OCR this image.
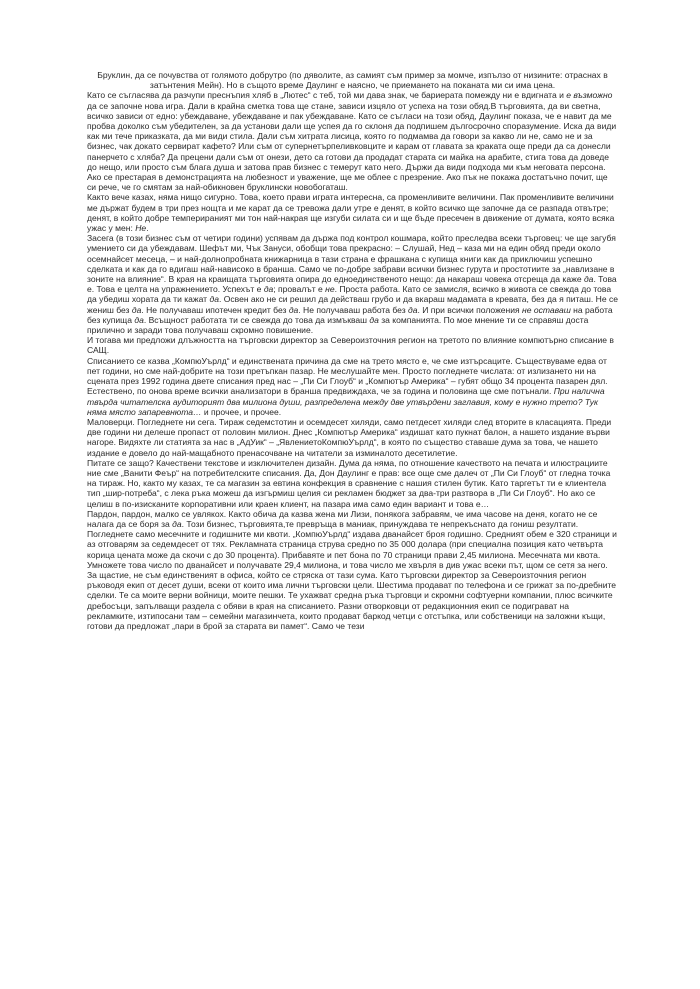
Бруклин, да се почувства от голямото добрутро (по дяволите, аз самият съм пример за момче, изпълзо от низините: отраснах в затънтения Мейн). Но в същото време Даулинг е наясно, че приемането на поканата ми си има цена.

Като се съгласява да разчупи преснъпия хляб в „Лютес“ с теб, той ми дава знак, че бариерата помежду ни е вдигната и е възможно да се започне нова игра. Дали в крайна сметка това ще стане, зависи изцяло от успеха на този обяд.В търговията, да ви светна, всичко зависи от едно: убеждаване, убеждаване и пак убеждаване. Като се съгласи на този обяд, Даулинг показа, че е навит да ме пробва доколко съм убедителен, за да установи дали ще успея да го склоня да подпишем дългосрочно споразумение. Иска да види как ми тече приказката, да ми види стила. Дали съм хитрата лисица, която го подмамва да говори за какво ли не, само не и за бизнес, чак докато сервират кафето? Или съм от супернетърпеливковците и карам от главата за краката още преди да са донесли панерчето с хляба? Да прецени дали съм от онези, дето са готови да продадат старата си майка на арабите, стига това да доведе до нещо, или просто съм блага душа и затова прав бизнес с темерут като него. Държи да види подхода ми към неговата персона. Ако се престарая в демонстрацията на любезност и уважение, ще ме облее с презрение. Ако пък не покажа достатъчно почит, ще си рече, че го смятам за най-обикновен бруклински новобогаташ.

Както вече казах, няма нищо сигурно. Това, което прави играта интересна, са променливите величини. Пак променливите величини ме държат будем в три през нощта и ме карат да се тревожа дали утре е денят, в който всичко ще започне да се разпада отвътре; денят, в който добре темперираният ми тон най-накрая ще изгуби силата си и ще бъде пресечен в движение от думата, която всяка ужас у мен: Не.

Засега (в този бизнес съм от четири години) успявам да държа под контрол кошмара, който преследва всеки търговец: че ще загубя умението си да убеждавам. Шефът ми, Чък Зануси, обобщи това прекрасно: – Слушай, Нед – каза ми на един обяд преди около осемнайсет месеца, – и най-долнопробната книжарница в тази страна е фрашкана с купища книги как да приключиш успешно сделката и как да го вдигаш най-нависоко в бранша. Само че по-добре забрави всички бизнес гурута и простотиите за „навлизане в зоните на влияние“. В края на краищата търговията опира до едноединственото нещо: да накараш човека отсреща да каже да. Това е. Това е целта на упражнението. Успехът е да; провалът е не. Проста работа. Като се замисля, всичко в живота се свежда до това да убедиш хората да ти кажат да. Освен ако не си решил да действаш грубо и да вкараш мадамата в кревата, без да я питаш. Не се жениш без да. Не получаваш ипотечен кредит без да. Не получаваш работа без да. И при всички положения не оставаш на работа без купища да. Всъщност работата ти се свежда до това да измъкваш да за компанията. По мое мнение ти се справяш доста прилично и заради това получаваш скромно повишение.

И тогава ми предложи длъжността на търговски директор за Североизточния регион на третото по влияние компютърно списание в САЩ.

Списанието се казва „КомпюУърлд“ и единствената причина да сме на трето място е, че сме изтърсаците. Съществуваме едва от пет години, но сме най-добрите на този претъпкан пазар. Не меслушайте мен. Просто погледнете числата: от излизането ни на сцената през 1992 година двете списания пред нас – „Пи Си Глоуб“ и „Компютър Америка“ – губят общо 34 процента пазарен дял. Естествено, по онова време всички анализатори в бранша предвиждаха, че за година и половина ще сме потънали. При налична твърда читателска аудиторият два милиона души, разпределена между две утвърдени заглавия, кому е нужно трето? Тук няма място запаревнюта… и прочее, и прочее.

Маловерци. Погледнете ни сега. Тираж седемстотин и осемдесет хиляди, само петдесет хиляди след вторите в класацията. Преди две години ни делеше пропаст от половин милион. Днес „Компютър Америка“ издишат като пукнат балон, а нашето издание върви нагоре. Видяхте ли статията за нас в „АдУик“ – „ЯвлениетоКомпюУърлд“, в която по същество ставаше дума за това, че нашето издание е довело до най-мащабното пренасочване на читатели за изминалото десетилетие.

Питате се защо? Качествени текстове и изключителен дизайн. Дума да няма, по отношение качеството на печата и илюстрациите ние сме „Ванити Феър“ на потребителските списания. Да, Дон Даулинг е прав: все още сме далеч от „Пи Си Глоуб“ от гледна точка на тираж. Но, както му казах, те са магазин за евтина конфекция в сравнение с нашия стилен бутик. Като таргетът ти е клиентела тип „шир-потреба“, с лека ръка можеш да изгърмиш целия си рекламен бюджет за два-три разтвора в „Пи Си Глоуб“. Но ако се целиш в по-изисканите корпоративни или краен клиент, на пазара има само един вариант и това е…

Пардон, пардон, малко се увлякох. Както обича да казва жена ми Лизи, понякога забравям, че има часове на деня, когато не се налага да се боря за да. Този бизнес, търговията,те превръща в маниак, принуждава те непрекъснато да гониш резултати. Погледнете само месечните и годишните ми квоти. „КомпюУърлд“ издава дванайсет броя годишно. Средният обем е 320 страници и аз отговарям за седемдесет от тях. Рекламната страница струва средно по 35 000 долара (при специална позиция като четвърта корица цената може да скочи с до 30 процента). Прибавяте и пет бона по 70 страници прави 2,45 милиона. Месечната ми квота. Умножете това число по дванайсет и получавате 29,4 милиона, и това число ме хвърля в див ужас всеки път, щом се сетя за него.

За щастие, не съм единственият в офиса, който се стряска от тази сума. Като търговски директор за Североизточния регион ръководя екип от десет души, всеки от които има лични търговски цели. Шестима продават по телефона и се грижат за по-дребните сделки. Те са моите верни войници, моите пешки. Те ухажват средна ръка търговци и скромни софтуерни компании, плюс всичките дребосъци, запълващи раздела с обяви в края на списанието. Разни отворковци от редакционния екип се подиграват на рекламките, изтипосани там – семейни магазинчета, които продават баркод четци с отстъпка, или собственици на заложни къщи, готови да предложат „пари в брой за старата ви памет“. Само че тези
